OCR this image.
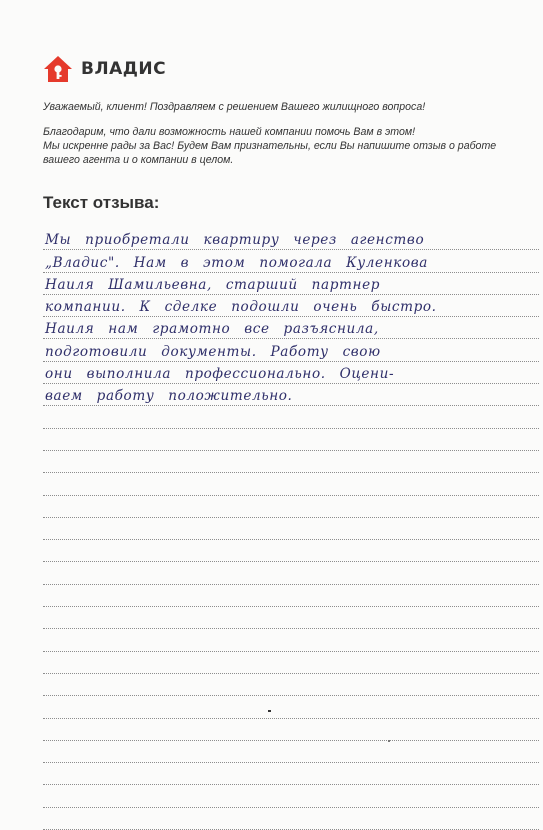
ВЛАДИС

Уважаемый, клиент! Поздравляем с решением Вашего жилищного вопроса!

Благодарим, что дали возможность нашей компании помочь Вам в этом!

Мы искренне рады за Вас! Будем Вам признательны, если Вы напишите отзыв о работе

вашего агента и о компании в целом.

Текст отзыва:
Мы приобретали квартиру через агенство
„Владис". Нам в этом помогала Куленкова
Наиля Шамильевна, старший партнер
компании. К сделке подошли очень быстро.
Наиля нам грамотно все разъяснила,
подготовили документы. Работу свою
они выполнила профессионально. Оцени-
ваем работу положительно.
